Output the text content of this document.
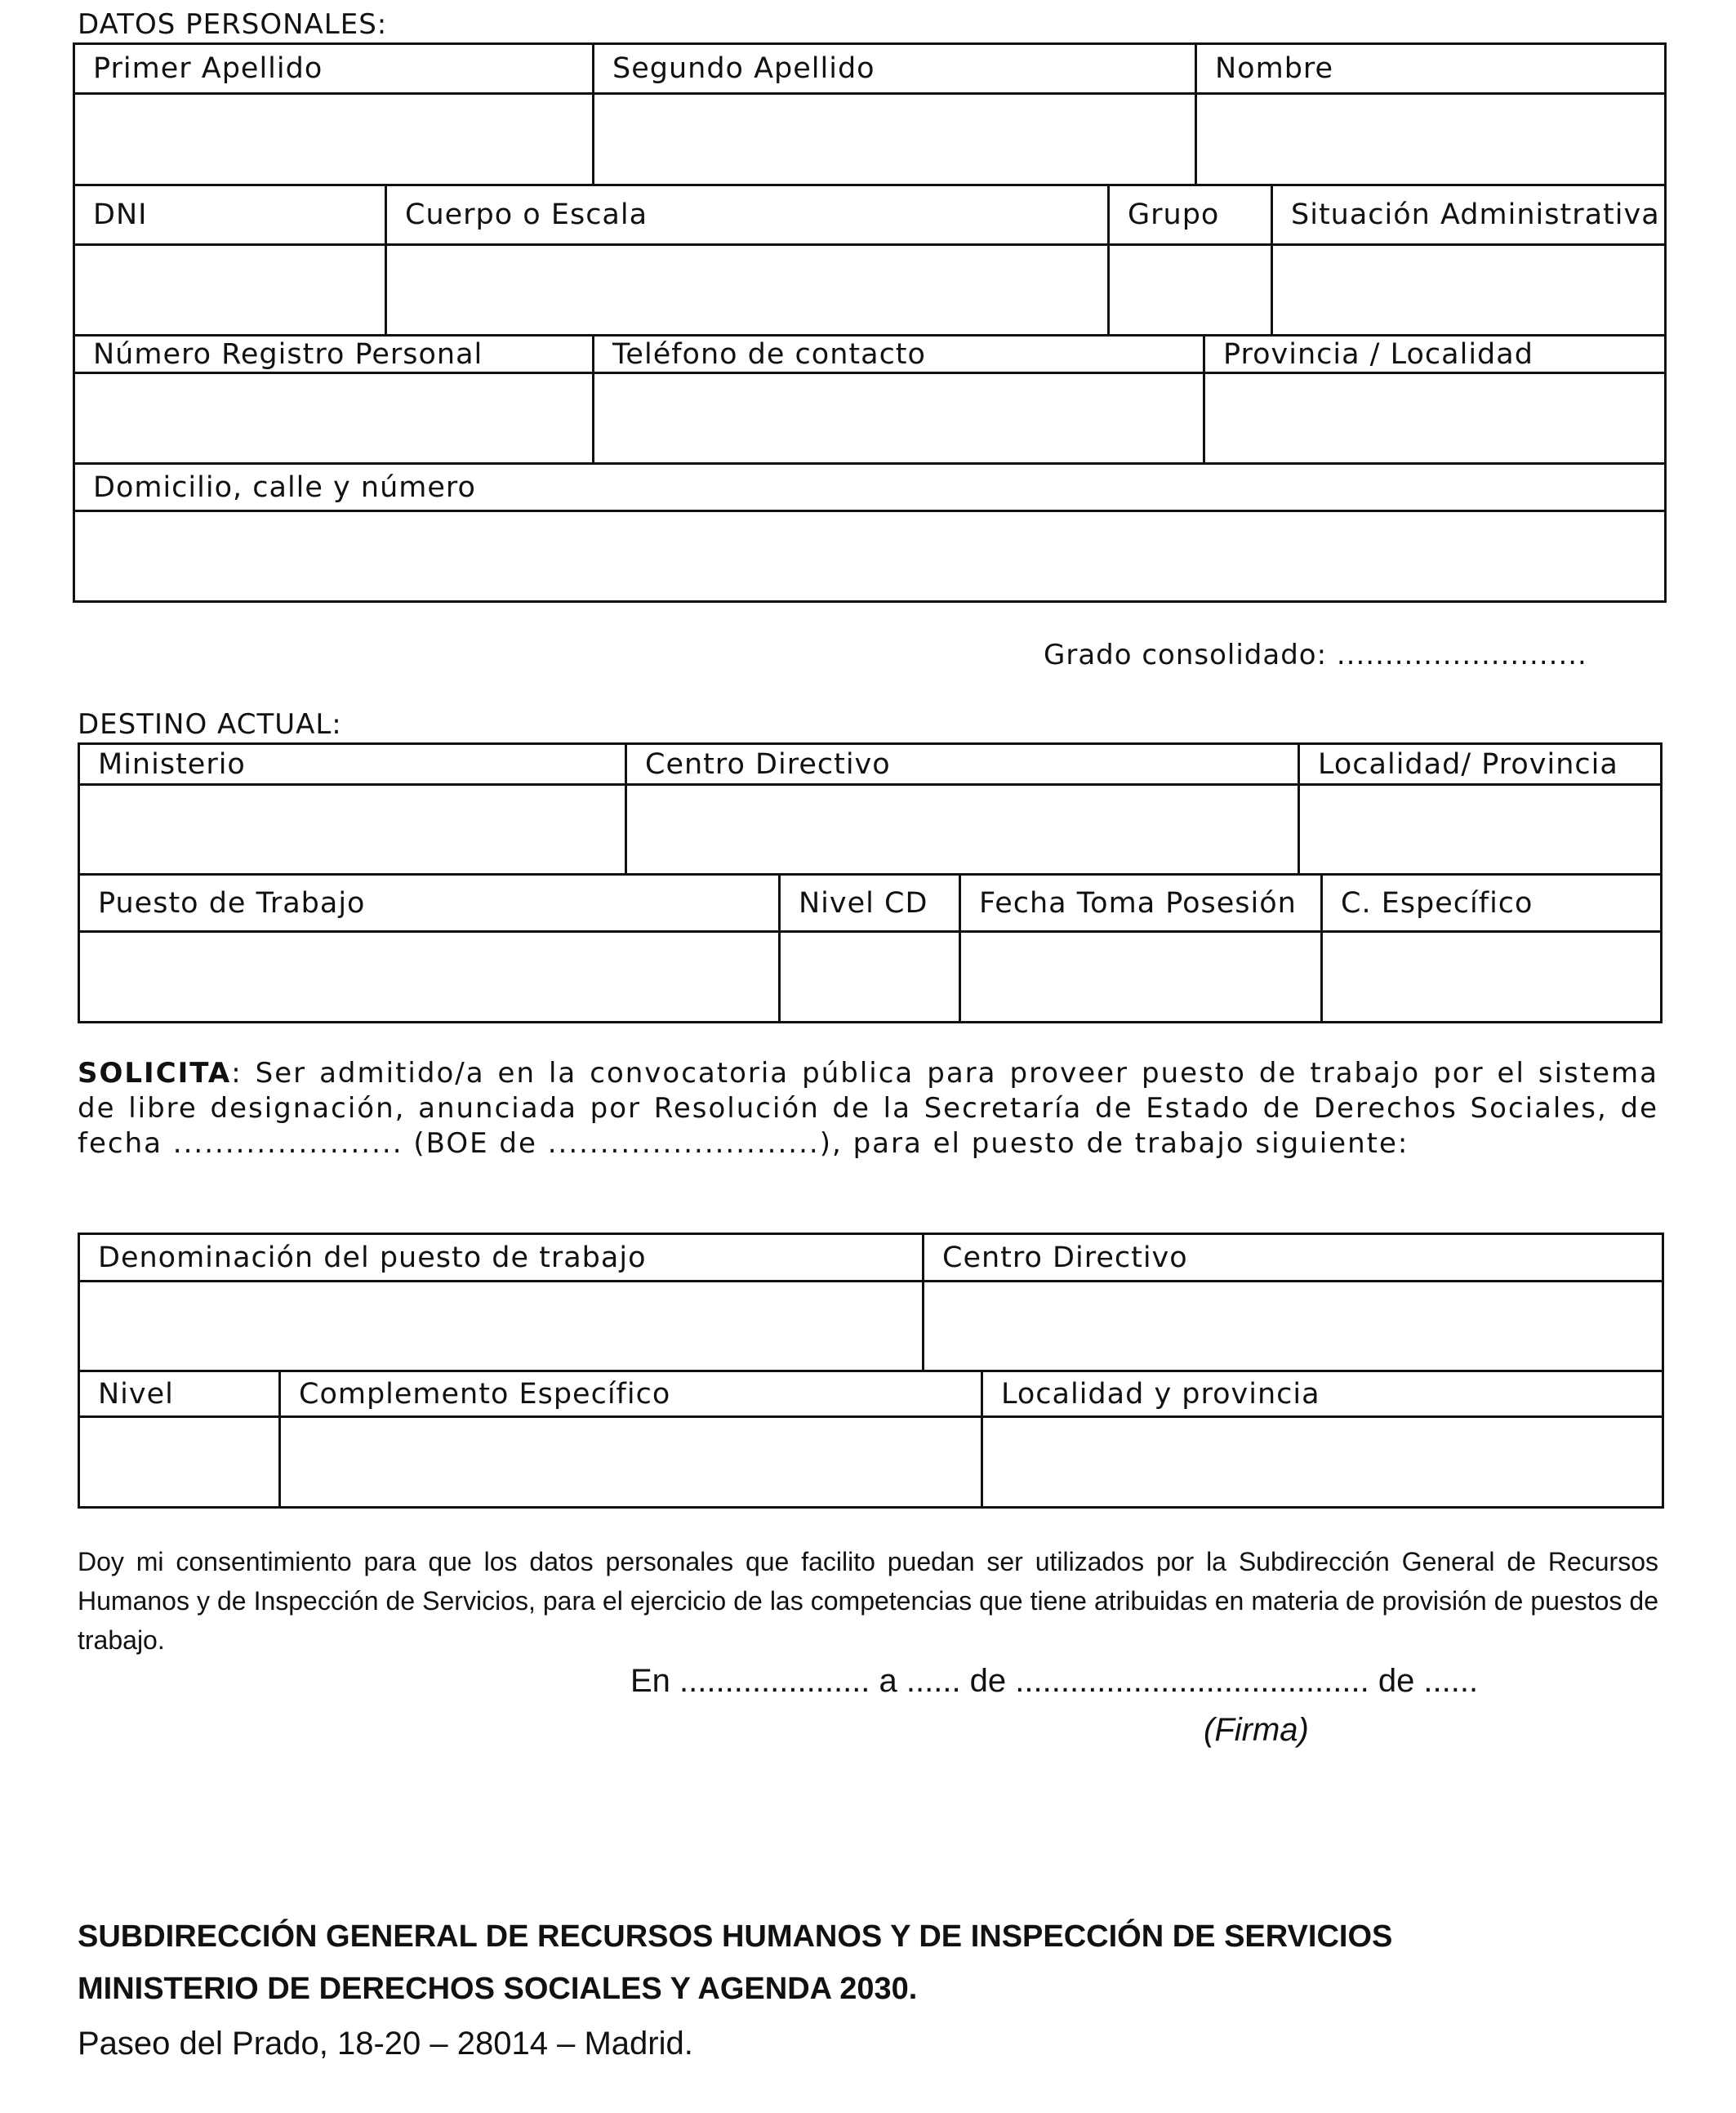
DATOS PERSONALES:
Primer Apellido	Segundo Apellido	Nombre

DNI	Cuerpo o Escala	Grupo	Situación Administrativa

Número Registro Personal	Teléfono de contacto	Provincia / Localidad

Domicilio, calle y número

Grado consolidado: ..........................
DESTINO ACTUAL:
Ministerio	Centro Directivo	Localidad/ Provincia

Puesto de Trabajo	Nivel CD	Fecha Toma Posesión	C. Específico

SOLICITA: Ser admitido/a en la convocatoria pública para proveer puesto de trabajo por el sistema de libre designación, anunciada por Resolución de la Secretaría de Estado de Derechos Sociales, de fecha ...................... (BOE de ..........................), para el puesto de trabajo siguiente:
Denominación del puesto de trabajo	Centro Directivo

Nivel	Complemento Específico	Localidad y provincia

Doy mi consentimiento para que los datos personales que facilito puedan ser utilizados por la Subdirección General de Recursos Humanos y de Inspección de Servicios, para el ejercicio de las competencias que tiene atribuidas en materia de provisión de puestos de trabajo.
En ..................... a ...... de ....................................... de ......
(Firma)
SUBDIRECCIÓN GENERAL DE RECURSOS HUMANOS Y DE INSPECCIÓN DE SERVICIOS
MINISTERIO DE DERECHOS SOCIALES Y AGENDA 2030.
Paseo del Prado, 18-20 – 28014 – Madrid.
